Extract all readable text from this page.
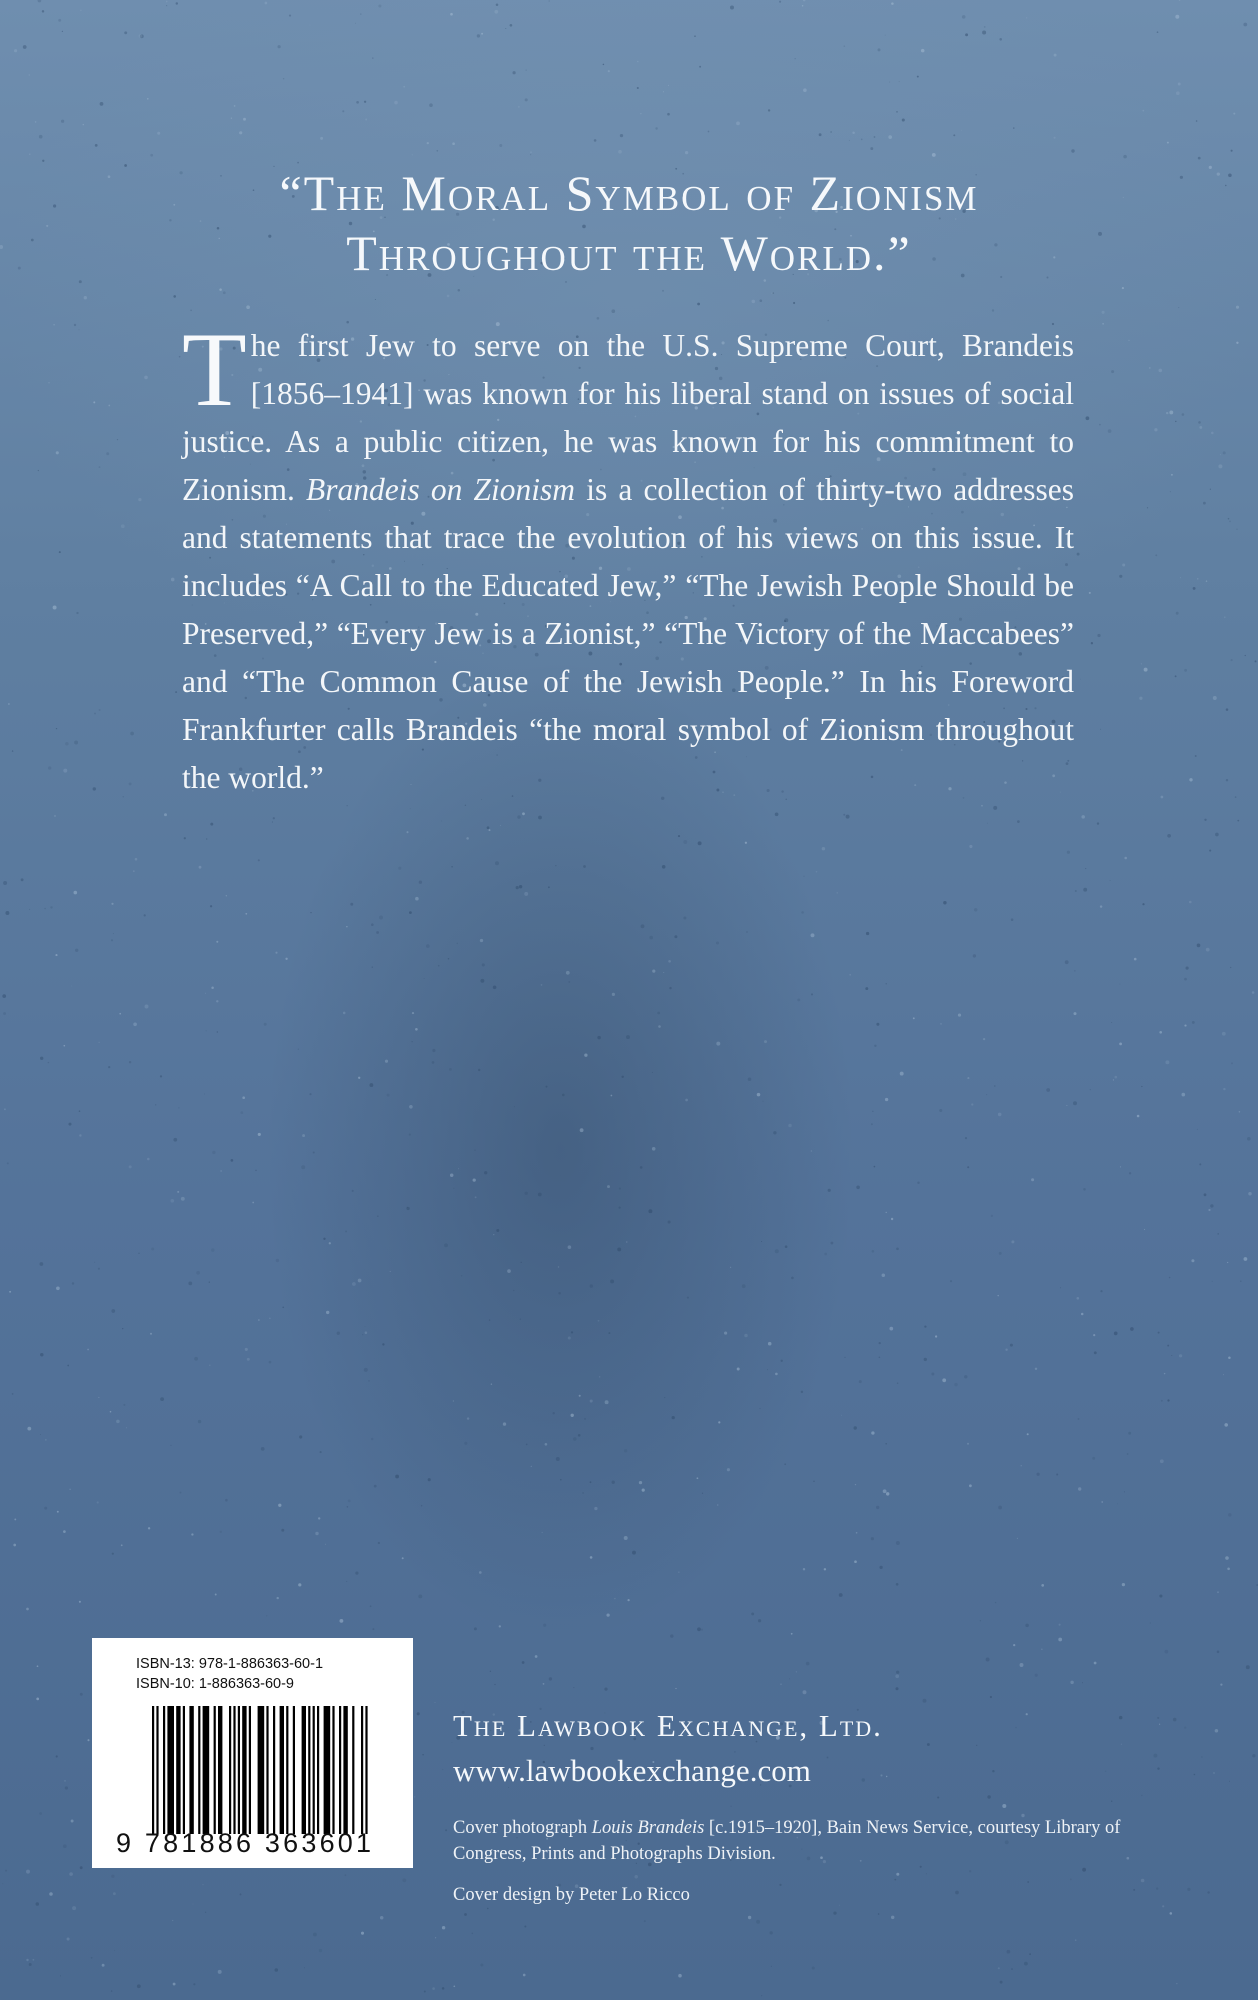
“The Moral Symbol of Zionism
Throughout the World.”
The first Jew to serve on the U.S. Supreme Court, Brandeis [1856–1941] was known for his liberal stand on issues of social justice. As a public citizen, he was known for his commitment to Zionism. Brandeis on Zionism is a collection of thirty-two addresses and statements that trace the evolution of his views on this issue. It includes “A Call to the Educated Jew,” “The Jewish People Should be Preserved,” “Every Jew is a Zionist,” “The Victory of the Maccabees” and “The Common Cause of the Jewish People.” In his Foreword Frankfurter calls Brandeis “the moral symbol of Zionism throughout the world.”
ISBN-13: 978-1-886363-60-1
ISBN-10: 1-886363-60-9
9 781886 363601
The Lawbook Exchange, Ltd.
www.lawbookexchange.com
Cover photograph Louis Brandeis [c.1915–1920], Bain News Service, courtesy Library of Congress, Prints and Photographs Division.
Cover design by Peter Lo Ricco
